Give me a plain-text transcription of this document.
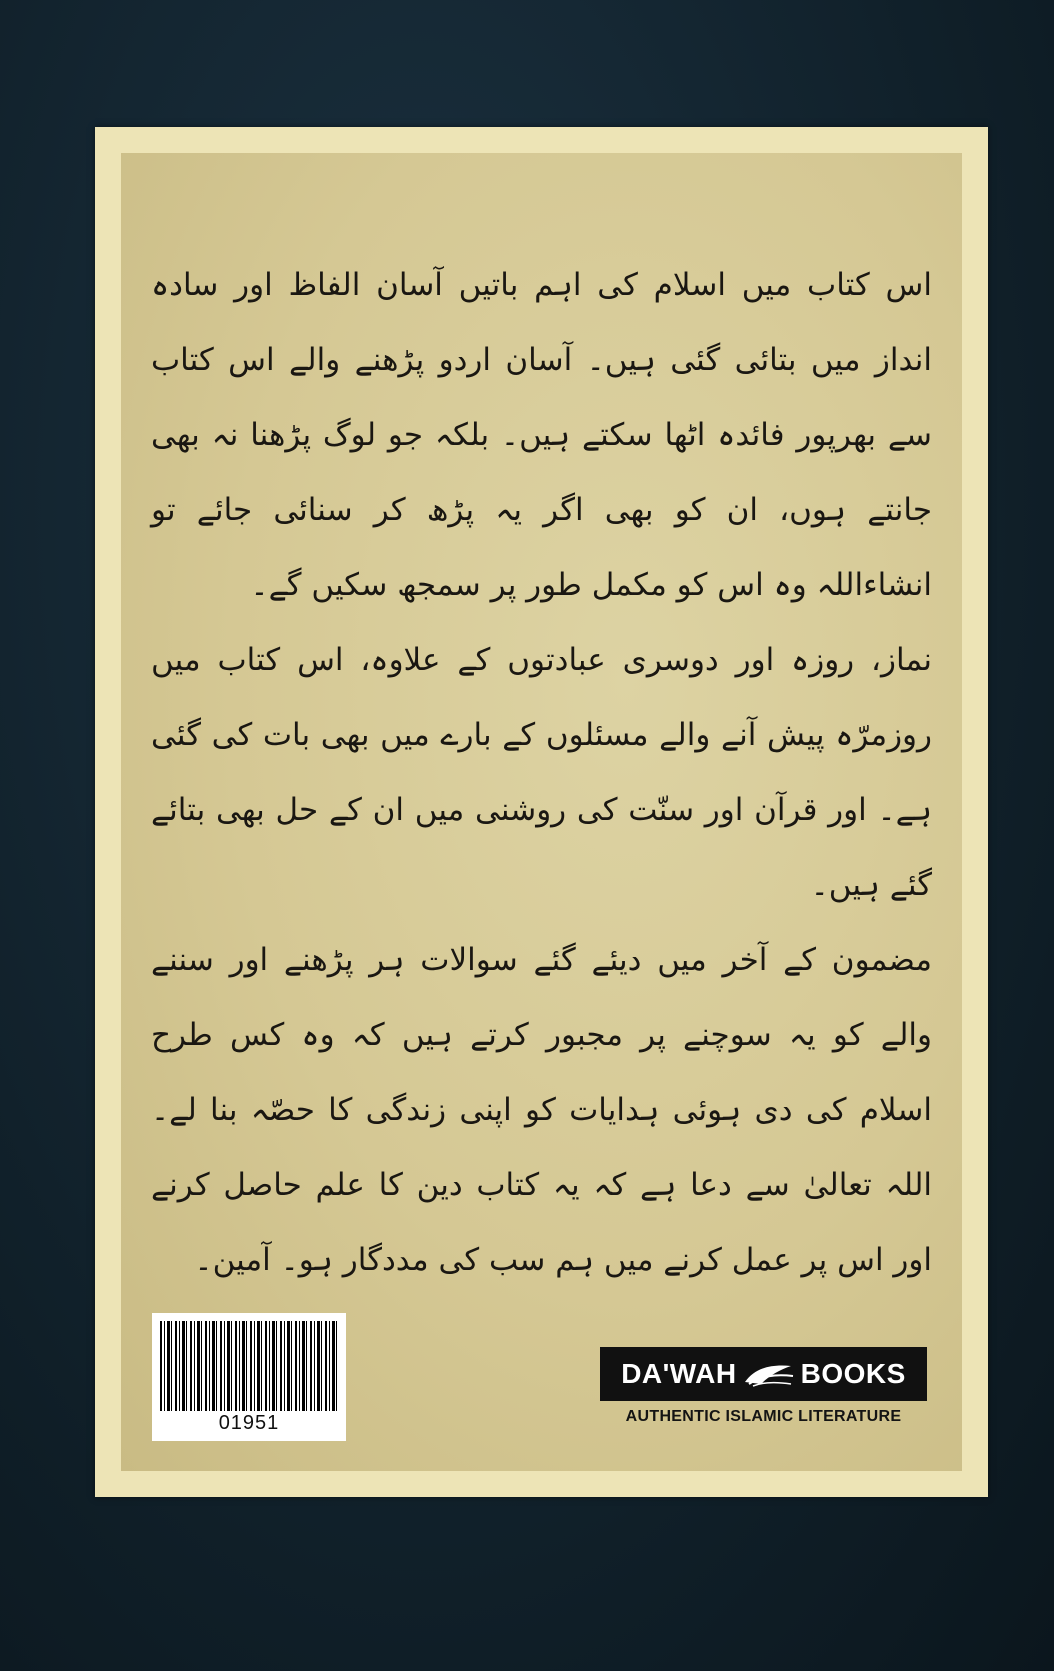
اس کتاب میں اسلام کی اہم باتیں آسان الفاظ اور سادہ انداز میں بتائی گئی ہیں۔ آسان اردو پڑھنے والے اس کتاب سے بھرپور فائدہ اٹھا سکتے ہیں۔ بلکہ جو لوگ پڑھنا نہ بھی جانتے ہوں، ان کو بھی اگر یہ پڑھ کر سنائی جائے تو انشاءاللہ وہ اس کو مکمل طور پر سمجھ سکیں گے۔

نماز، روزہ اور دوسری عبادتوں کے علاوہ، اس کتاب میں روزمرّہ پیش آنے والے مسئلوں کے بارے میں بھی بات کی گئی ہے۔ اور قرآن اور سنّت کی روشنی میں ان کے حل بھی بتائے گئے ہیں۔

مضمون کے آخر میں دیئے گئے سوالات ہر پڑھنے اور سننے والے کو یہ سوچنے پر مجبور کرتے ہیں کہ وہ کس طرح اسلام کی دی ہوئی ہدایات کو اپنی زندگی کا حصّہ بنا لے۔ اللہ تعالیٰ سے دعا ہے کہ یہ کتاب دین کا علم حاصل کرنے اور اس پر عمل کرنے میں ہم سب کی مددگار ہو۔ آمین۔

01951
DA'WAH BOOKS
AUTHENTIC ISLAMIC LITERATURE
